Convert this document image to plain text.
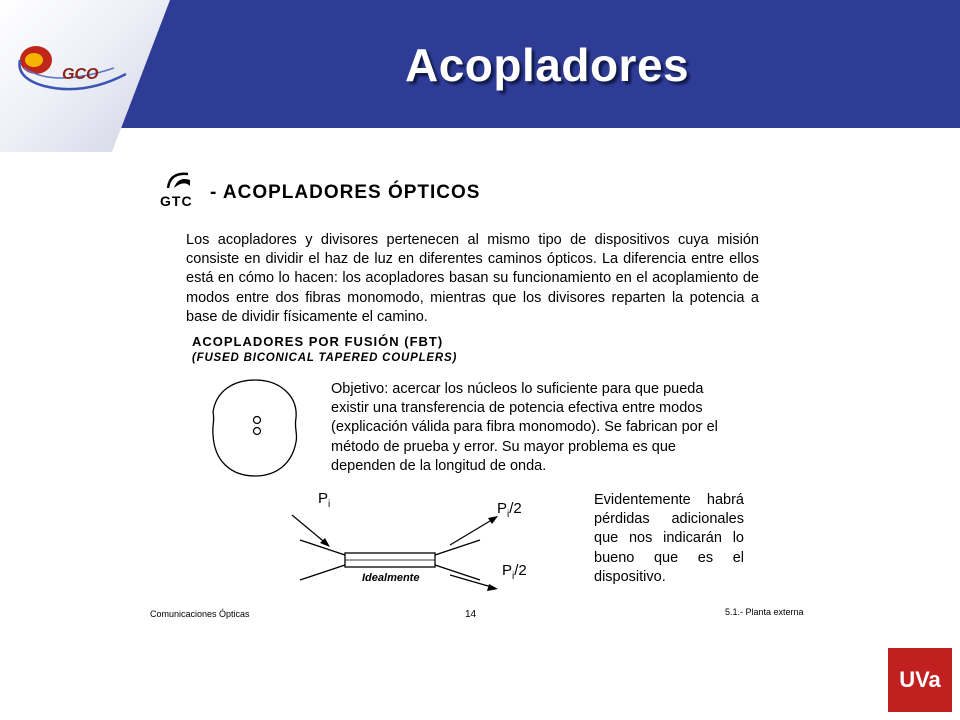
GCO	Acopladores
GTC - ACOPLADORES ÓPTICOS

Los acopladores y divisores pertenecen al mismo tipo de dispositivos cuya misión consiste en dividir el haz de luz en diferentes caminos ópticos. La diferencia entre ellos está en cómo lo hacen: los acopladores basan su funcionamiento en el acoplamiento de modos entre dos fibras monomodo, mientras que los divisores reparten la potencia a base de dividir físicamente el camino.

ACOPLADORES POR FUSIÓN (FBT)
(FUSED BICONICAL TAPERED COUPLERS)

Objetivo: acercar los núcleos lo suficiente para que pueda existir una transferencia de potencia efectiva entre modos (explicación válida para fibra monomodo). Se fabrican por el método de prueba y error. Su mayor problema es que dependen de la longitud de onda.

$P_i$	$P_i/2$
$P_i/2$
Idealmente

Evidentemente habrá pérdidas adicionales que nos indicarán lo bueno que es el dispositivo.

Comunicaciones Ópticas	14	5.1.- Planta externa
UVa
